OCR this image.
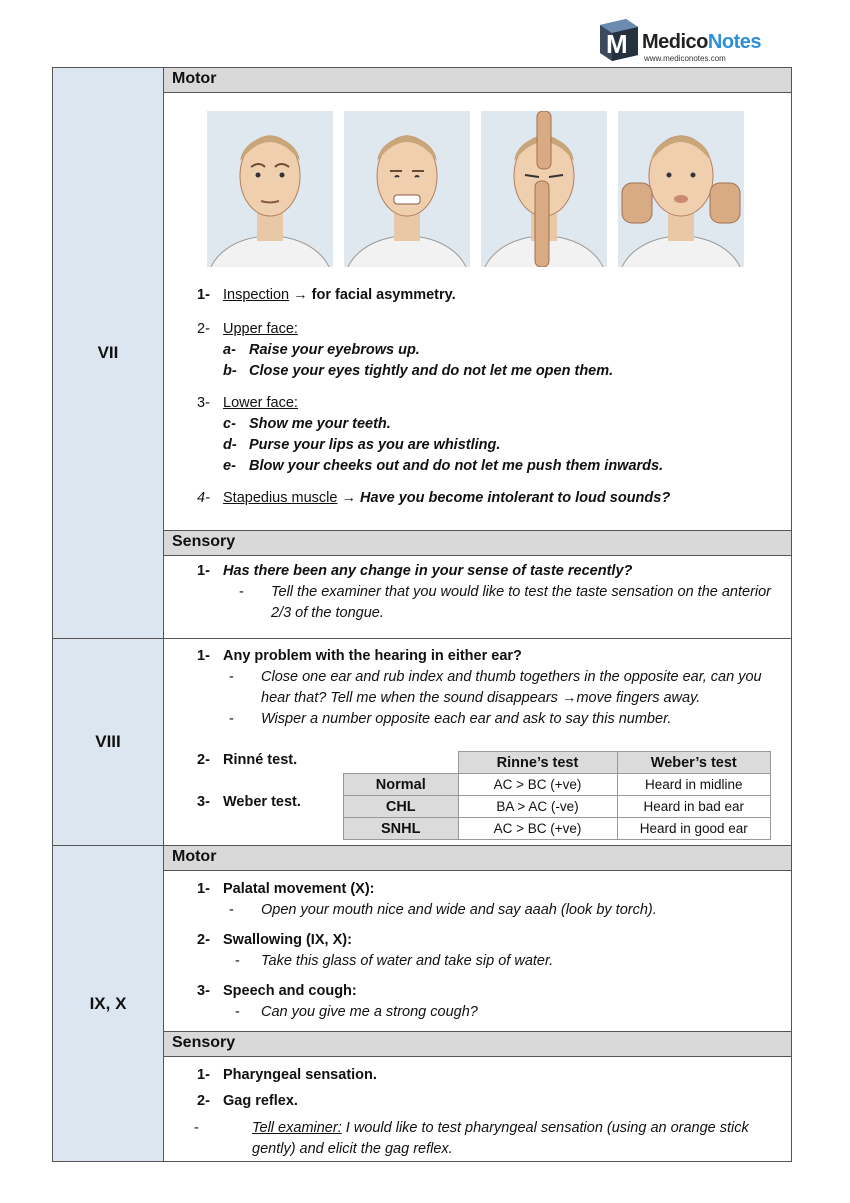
M MedicoNotes
www.mediconotes.com
VII	Motor

1- Inspection → for facial asymmetry.
2- Upper face:
a- Raise your eyebrows up.
b- Close your eyes tightly and do not let me open them.
3- Lower face:
c- Show me your teeth.
d- Purse your lips as you are whistling.
e- Blow your cheeks out and do not let me push them inwards.
4- Stapedius muscle → Have you become intolerant to loud sounds?

Sensory

1- Has there been any change in your sense of taste recently?
- Tell the examiner that you would like to test the taste sensation on the anterior 2/3 of the tongue.

VIII	
1- Any problem with the hearing in either ear?
- Close one ear and rub index and thumb togethers in the opposite ear, can you hear that? Tell me when the sound disappears →move fingers away.
- Wisper a number opposite each ear and ask to say this number.
2- Rinné test.
3- Weber test.
	Rinne’s test	Weber’s test
Normal	AC > BC (+ve)	Heard in midline
CHL	BA > AC (-ve)	Heard in bad ear
SNHL	AC > BC (+ve)	Heard in good ear

IX, X	Motor

1- Palatal movement (X):
- Open your mouth nice and wide and say aaah (look by torch).
2- Swallowing (IX, X):
- Take this glass of water and take sip of water.
3- Speech and cough:
- Can you give me a strong cough?

Sensory

1- Pharyngeal sensation.
2- Gag reflex.
-	Tell examiner: I would like to test pharyngeal sensation (using an orange stick gently) and elicit the gag reflex.
